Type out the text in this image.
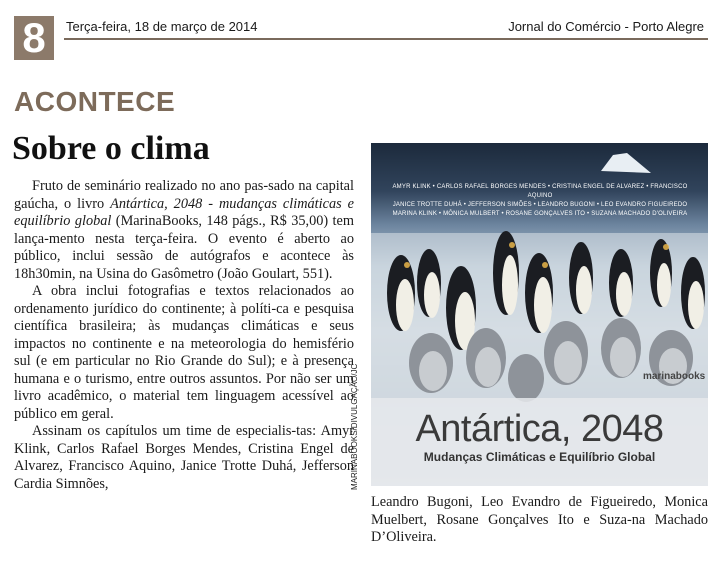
8	Terça-feira, 18 de março de 2014	Jornal do Comércio - Porto Alegre
ACONTECE
Sobre o clima

Fruto de seminário realizado no ano pas-sado na capital gaúcha, o livro Antártica, 2048 - mudanças climáticas e equilíbrio global (MarinaBooks, 148 págs., R$ 35,00) tem lança-mento nesta terça-feira. O evento é aberto ao público, inclui sessão de autógrafos e acontece às 18h30min, na Usina do Gasômetro (João Goulart, 551).

A obra inclui fotografias e textos relacionados ao ordenamento jurídico do continente; à políti-ca e pesquisa científica brasileira; às mudanças climáticas e seus impactos no continente e na meteorologia do hemisfério sul (e em particular no Rio Grande do Sul); e à presença humana e o turismo, entre outros assuntos. Por não ser um livro acadêmico, o material tem linguagem acessível ao público em geral.

Assinam os capítulos um time de especialis-tas: Amyr Klink, Carlos Rafael Borges Mendes, Cristina Engel de Alvarez, Francisco Aquino, Janice Trotte Duhá, Jefferson Cardia Simnões,	MARINABOOKS/DIVULGAÇÃO/JC
AMYR KLINK • CARLOS RAFAEL BORGES MENDES • CRISTINA ENGEL DE ALVAREZ • FRANCISCO AQUINO
JANICE TROTTE DUHÁ • JEFFERSON SIMÕES • LEANDRO BUGONI • LEO EVANDRO FIGUEIREDO
MARINA KLINK • MÔNICA MULBERT • ROSANE GONÇALVES ITO • SUZANA MACHADO D'OLIVEIRA
marinabooks
Antártica, 2048
Mudanças Climáticas e Equilíbrio Global
Leandro Bugoni, Leo Evandro de Figueiredo, Monica Muelbert, Rosane Gonçalves Ito e Suza-na Machado D’Oliveira.
